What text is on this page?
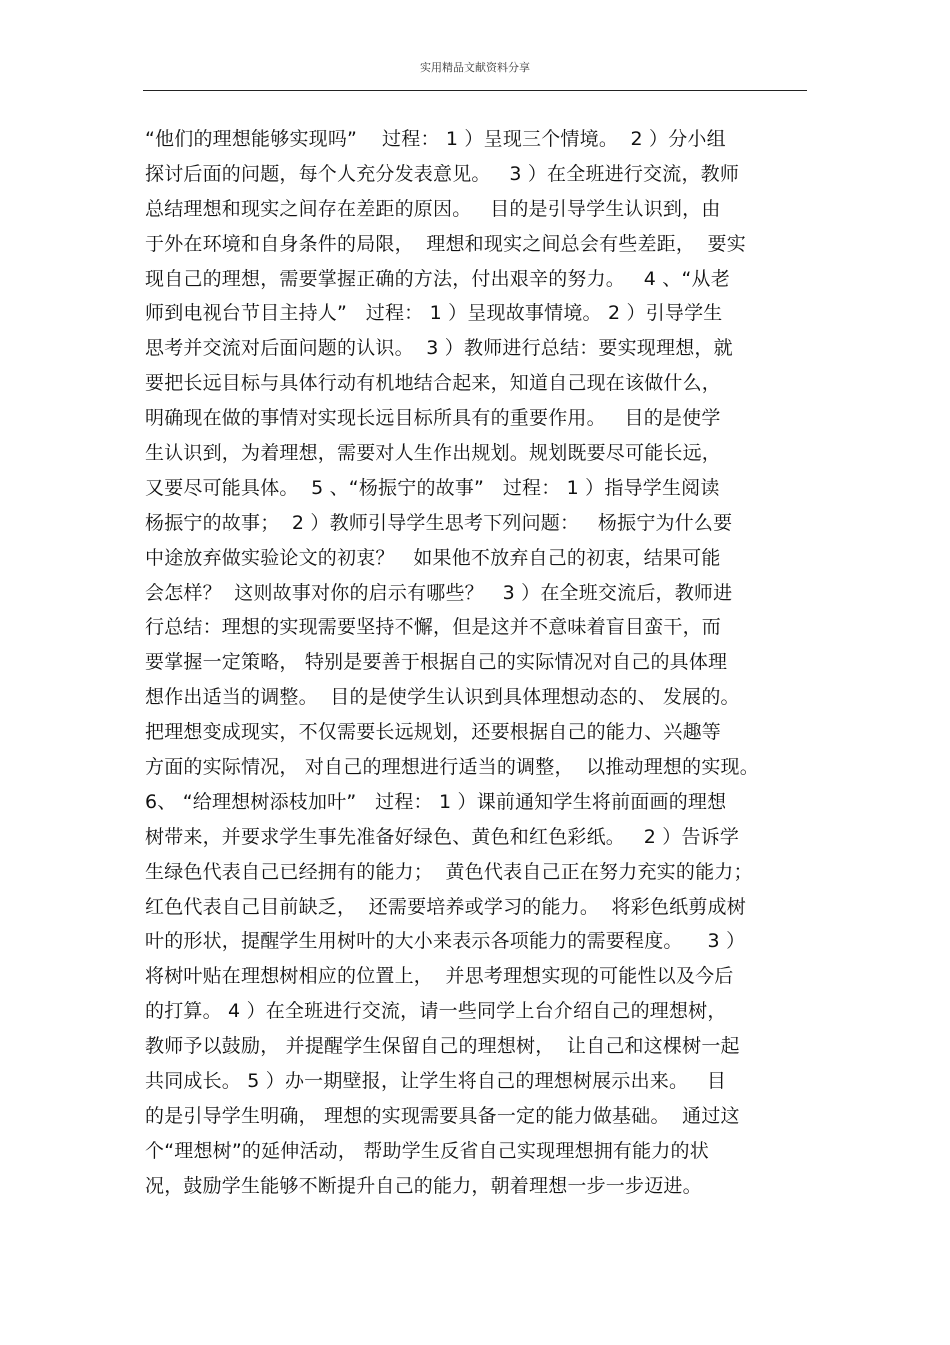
实用精品文献资料分享
“他们的理想能够实现吗”    过程： 1 ）呈现三个情境。  2 ）分小组
探讨后面的问题，每个人充分发表意见。   3 ）在全班进行交流，教师
总结理想和现实之间存在差距的原因。   目的是引导学生认识到，由
于外在环境和自身条件的局限，  理想和现实之间总会有些差距，  要实
现自己的理想，需要掌握正确的方法，付出艰辛的努力。   4 、“从老
师到电视台节目主持人”   过程： 1 ）呈现故事情境。 2 ）引导学生
思考并交流对后面问题的认识。  3 ）教师进行总结：要实现理想，就
要把长远目标与具体行动有机地结合起来，知道自己现在该做什么，
明确现在做的事情对实现长远目标所具有的重要作用。   目的是使学
生认识到，为着理想，需要对人生作出规划。规划既要尽可能长远，
又要尽可能具体。  5 、“杨振宁的故事”   过程： 1 ）指导学生阅读
杨振宁的故事；  2 ）教师引导学生思考下列问题：   杨振宁为什么要
中途放弃做实验论文的初衷？   如果他不放弃自己的初衷，结果可能
会怎样？  这则故事对你的启示有哪些？   3 ）在全班交流后，教师进
行总结：理想的实现需要坚持不懈，但是这并不意味着盲目蛮干，而
要掌握一定策略， 特别是要善于根据自己的实际情况对自己的具体理
想作出适当的调整。  目的是使学生认识到具体理想动态的、 发展的。
把理想变成现实，不仅需要长远规划，还要根据自己的能力、兴趣等
方面的实际情况， 对自己的理想进行适当的调整，  以推动理想的实现。
6、 “给理想树添枝加叶”   过程： 1 ）课前通知学生将前面画的理想
树带来，并要求学生事先准备好绿色、黄色和红色彩纸。   2 ）告诉学
生绿色代表自己已经拥有的能力；  黄色代表自己正在努力充实的能力；
红色代表自己目前缺乏，  还需要培养或学习的能力。  将彩色纸剪成树
叶的形状，提醒学生用树叶的大小来表示各项能力的需要程度。    3 ）
将树叶贴在理想树相应的位置上，  并思考理想实现的可能性以及今后
的打算。 4 ）在全班进行交流，请一些同学上台介绍自己的理想树，
教师予以鼓励， 并提醒学生保留自己的理想树，  让自己和这棵树一起
共同成长。 5 ）办一期壁报，让学生将自己的理想树展示出来。   目
的是引导学生明确， 理想的实现需要具备一定的能力做基础。  通过这
个“理想树”的延伸活动， 帮助学生反省自己实现理想拥有能力的状
况，鼓励学生能够不断提升自己的能力，朝着理想一步一步迈进。
